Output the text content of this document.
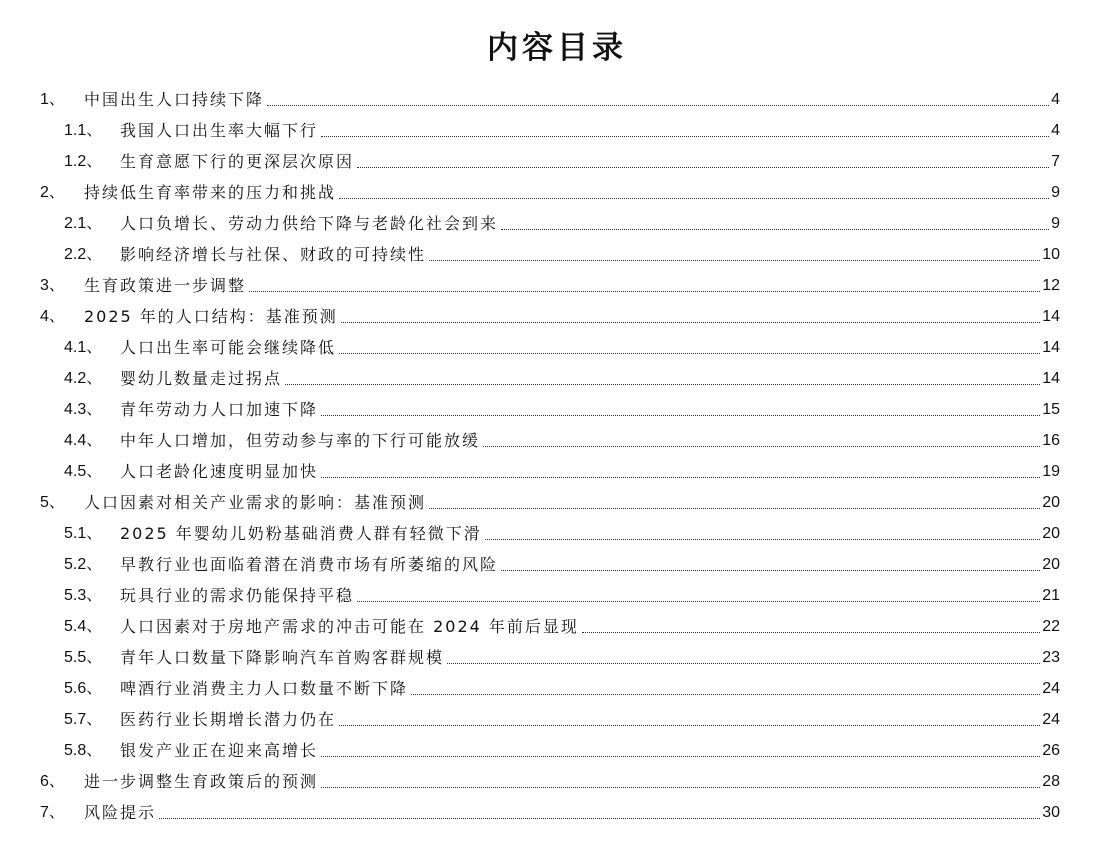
内容目录
1、	中国出生人口持续下降	4
1.1、	我国人口出生率大幅下行	4
1.2、	生育意愿下行的更深层次原因	7
2、	持续低生育率带来的压力和挑战	9
2.1、	人口负增长、劳动力供给下降与老龄化社会到来	9
2.2、	影响经济增长与社保、财政的可持续性	10
3、	生育政策进一步调整	12
4、	2025 年的人口结构：基准预测	14
4.1、	人口出生率可能会继续降低	14
4.2、	婴幼儿数量走过拐点	14
4.3、	青年劳动力人口加速下降	15
4.4、	中年人口增加，但劳动参与率的下行可能放缓	16
4.5、	人口老龄化速度明显加快	19
5、	人口因素对相关产业需求的影响：基准预测	20
5.1、	2025 年婴幼儿奶粉基础消费人群有轻微下滑	20
5.2、	早教行业也面临着潜在消费市场有所萎缩的风险	20
5.3、	玩具行业的需求仍能保持平稳	21
5.4、	人口因素对于房地产需求的冲击可能在 2024 年前后显现	22
5.5、	青年人口数量下降影响汽车首购客群规模	23
5.6、	啤酒行业消费主力人口数量不断下降	24
5.7、	医药行业长期增长潜力仍在	24
5.8、	银发产业正在迎来高增长	26
6、	进一步调整生育政策后的预测	28
7、	风险提示	30
